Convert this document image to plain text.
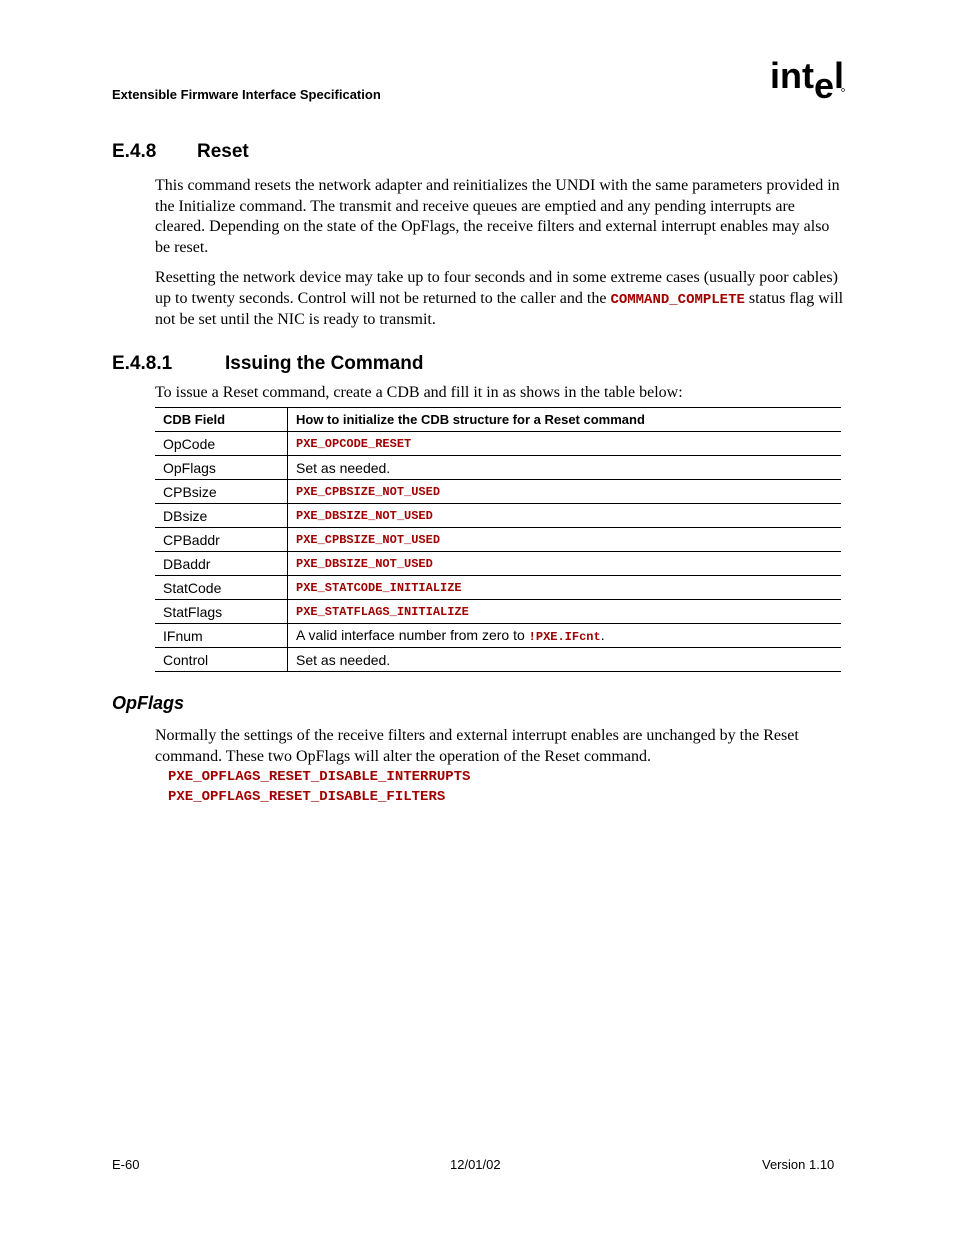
Extensible Firmware Interface Specification	int e l
E.4.8 Reset
This command resets the network adapter and reinitializes the UNDI with the same parameters provided in the Initialize command. The transmit and receive queues are emptied and any pending interrupts are cleared. Depending on the state of the OpFlags, the receive filters and external interrupt enables may also be reset.
Resetting the network device may take up to four seconds and in some extreme cases (usually poor cables) up to twenty seconds. Control will not be returned to the caller and the COMMAND_COMPLETE status flag will not be set until the NIC is ready to transmit.
E.4.8.1	Issuing the Command
To issue a Reset command, create a CDB and fill it in as shows in the table below:
CDB Field	How to initialize the CDB structure for a Reset command
OpCode	PXE_OPCODE_RESET
OpFlags	Set as needed.
CPBsize	PXE_CPBSIZE_NOT_USED
DBsize	PXE_DBSIZE_NOT_USED
CPBaddr	PXE_CPBSIZE_NOT_USED
DBaddr	PXE_DBSIZE_NOT_USED
StatCode	PXE_STATCODE_INITIALIZE
StatFlags	PXE_STATFLAGS_INITIALIZE
IFnum	A valid interface number from zero to !PXE.IFcnt.
Control	Set as needed.
OpFlags
Normally the settings of the receive filters and external interrupt enables are unchanged by the Reset command. These two OpFlags will alter the operation of the Reset command.
PXE_OPFLAGS_RESET_DISABLE_INTERRUPTS
PXE_OPFLAGS_RESET_DISABLE_FILTERS
E-60	12/01/02	Version 1.10
